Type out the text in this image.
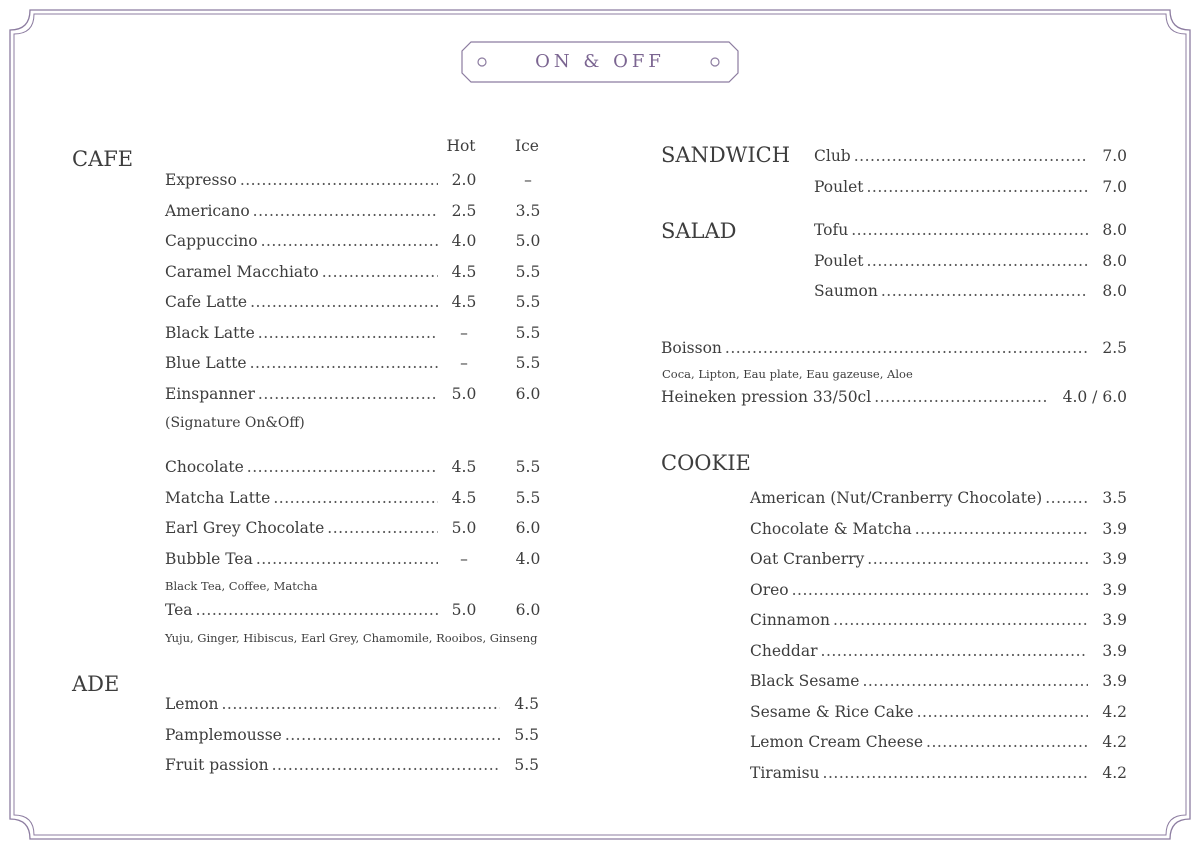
ON & OFF
CAFE
Hot	Ice
Expresso .....	2.0	–
Americano .....	2.5	3.5
Cappuccino .....	4.0	5.0
Caramel Macchiato .....	4.5	5.5
Cafe Latte .....	4.5	5.5
Black Latte .....	–	5.5
Blue Latte .....	–	5.5
Einspanner .....	5.0	6.0
Chocolate .....	4.5	5.5
Matcha Latte .....	4.5	5.5
Earl Grey Chocolate .....	5.0	6.0
Bubble Tea .....	–	4.0
Tea .....	5.0	6.0
(Signature On&Off)
Black Tea, Coffee, Matcha
Yuju, Ginger, Hibiscus, Earl Grey, Chamomile, Rooibos, Ginseng
ADE
Lemon .....	4.5
Pamplemousse .....	5.5
Fruit passion .....	5.5
SANDWICH Club .....	7.0
Poulet .....	7.0
SALAD	Tofu .....	8.0
Poulet .....	8.0
Saumon .....	8.0
Boisson .....	2.5
Coca, Lipton, Eau plate, Eau gazeuse, Aloe
Heineken pression 33/50cl .....	4.0 / 6.0
COOKIE
American (Nut/Cranberry Chocolate) .....	3.5
Chocolate & Matcha .....	3.9
Oat Cranberry .....	3.9
Oreo .....	3.9
Cinnamon .....	3.9
Cheddar .....	3.9
Black Sesame .....	3.9
Sesame & Rice Cake .....	4.2
Lemon Cream Cheese .....	4.2
Tiramisu .....	4.2
